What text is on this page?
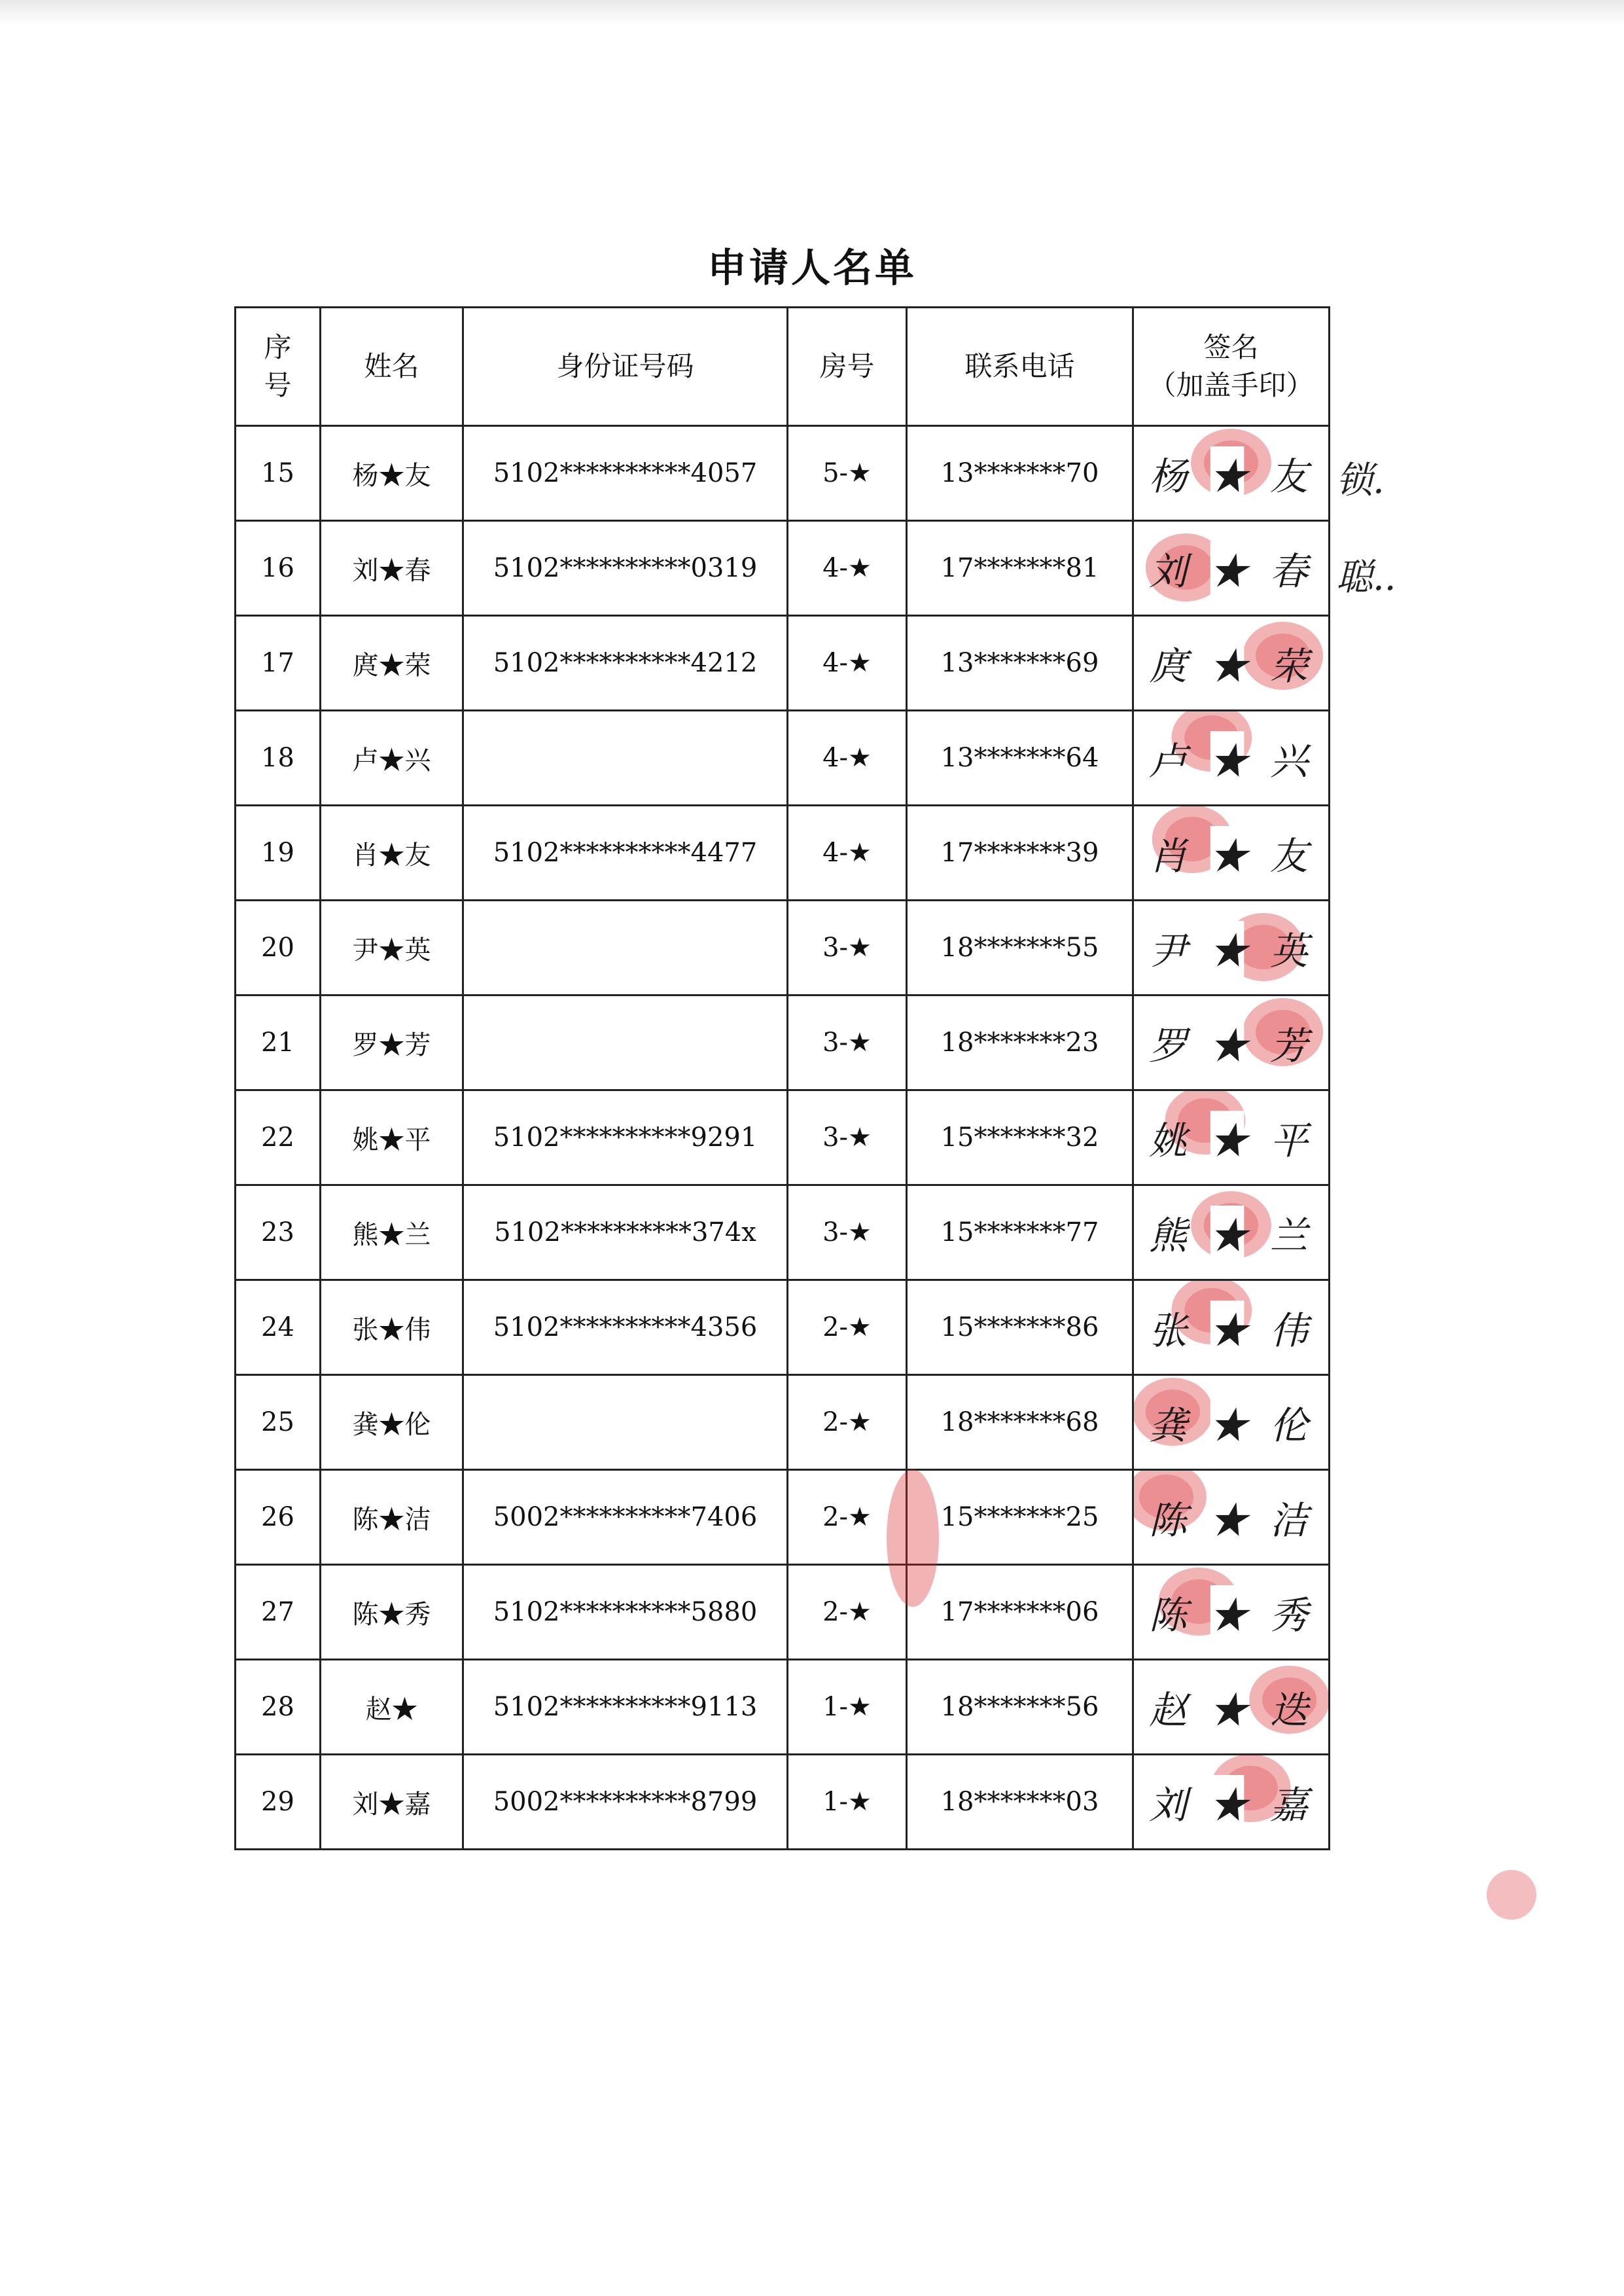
申请人名单
序
号	姓名	身份证号码	房号	联系电话	签名
（加盖手印）
15	杨★友	5102**********4057	5-★	13*******70	杨 ★ 友

16	刘★春	5102**********0319	4-★	17*******81	刘 ★ 春

17	庹★荣	5102**********4212	4-★	13*******69	庹 ★ 荣

18	卢★兴		4-★	13*******64	卢 ★ 兴

19	肖★友	5102**********4477	4-★	17*******39	肖 ★ 友

20	尹★英		3-★	18*******55	尹 ★ 英

21	罗★芳		3-★	18*******23	罗 ★ 芳

22	姚★平	5102**********9291	3-★	15*******32	姚 ★ 平

23	熊★兰	5102**********374x	3-★	15*******77	熊 ★ 兰

24	张★伟	5102**********4356	2-★	15*******86	张 ★ 伟

25	龚★伦		2-★	18*******68	龚 ★ 伦

26	陈★洁	5002**********7406	2-★	15*******25	陈 ★ 洁

27	陈★秀	5102**********5880	2-★	17*******06	陈 ★ 秀

28	赵★	5102**********9113	1-★	18*******56	赵 ★ 迭

29	刘★嘉	5002**********8799	1-★	18*******03	刘 ★ 嘉
锁.
聪..
